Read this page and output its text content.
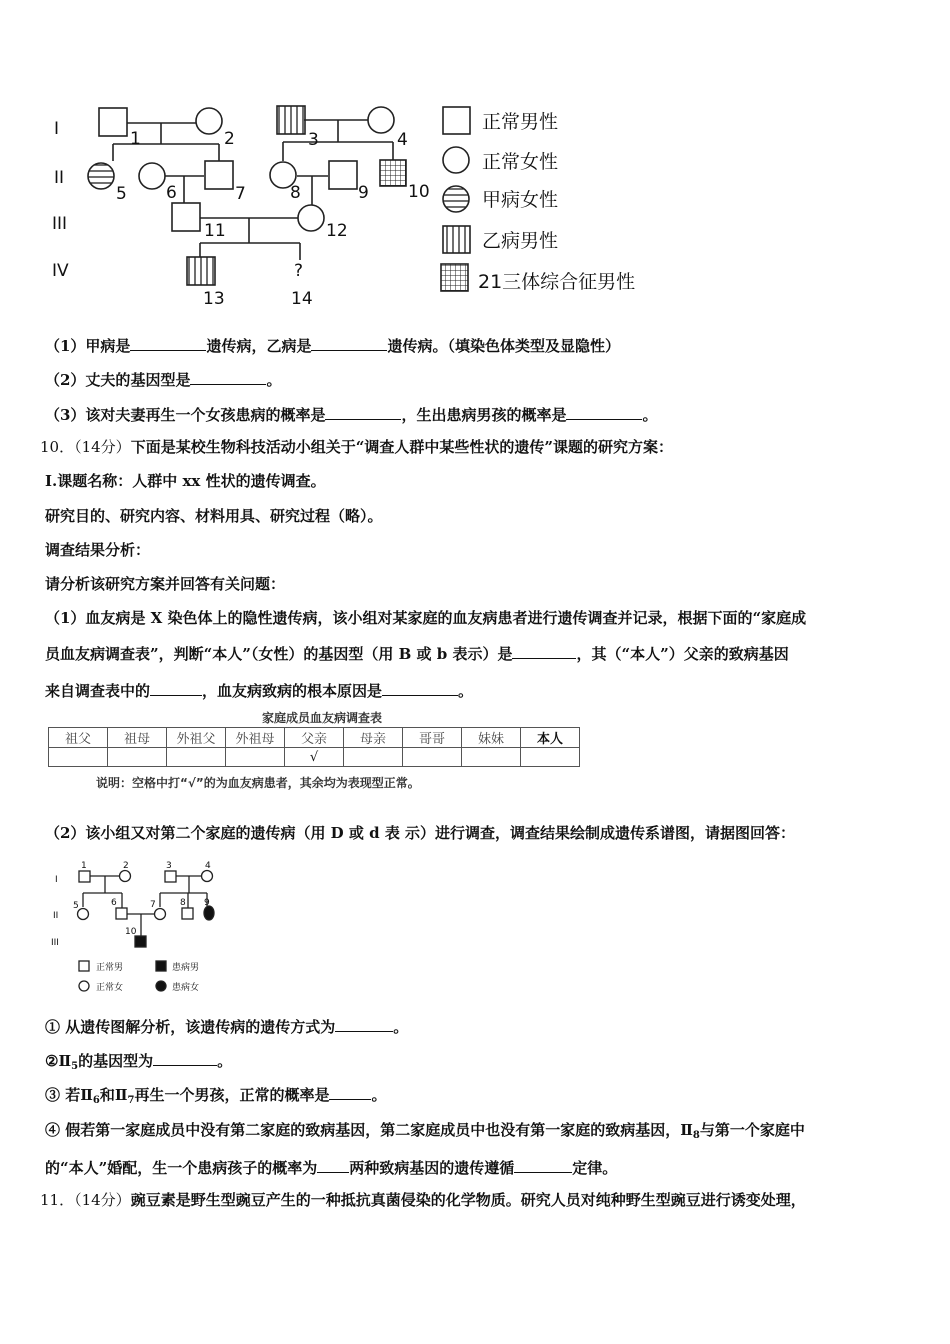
I
II
III
IV
1	2	3	4
5 6	7	8	9 10
11	12
13
?
14
正常男性
正常女性
甲病女性
乙病男性
21三体综合征男性
（1）甲病是	遗传病，乙病是	遗传病。（填染色体类型及显隐性）
（2）丈夫的基因型是	。
（3）该对夫妻再生一个女孩患病的概率是	，生出患病男孩的概率是	。
10．（14分）下面是某校生物科技活动小组关于“调查人群中某些性状的遗传”课题的研究方案：
I.课题名称：人群中 xx 性状的遗传调查。
研究目的、研究内容、材料用具、研究过程（略）。
调查结果分析：
请分析该研究方案并回答有关问题：
（1）血友病是 X 染色体上的隐性遗传病，该小组对某家庭的血友病患者进行遗传调查并记录，根据下面的“家庭成
员血友病调查表”，判断“本人”（女性）的基因型（用 B 或 b 表示）是	，其（“本人”）父亲的致病基因
来自调查表中的	，血友病致病的根本原因是	。
家庭成员血友病调查表
祖父	祖母	外祖父	外祖母	父亲	母亲	哥哥	妹妹	本人
				√				
说明：空格中打“√”的为血友病患者，其余均为表现型正常。
（2）该小组又对第二个家庭的遗传病（用 D 或 d 表 示）进行调查，调查结果绘制成遗传系谱图，请据图回答：
I
II
III
1	2	3	4
5	6	7	8 9
10
正常男	患病男
正常女	患病女
① 从遗传图解分析，该遗传病的遗传方式为	。
$②Ⅱ_5$的基因型为	。
③ 若$Ⅱ_6$和$Ⅱ_7$再生一个男孩，正常的概率是	。
④ 假若第一家庭成员中没有第二家庭的致病基因，第二家庭成员中也没有第一家庭的致病基因，$Ⅱ_8$与第一个家庭中
的“本人”婚配，生一个患病孩子的概率为 两种致病基因的遗传遵循	定律。
11．（14分）豌豆素是野生型豌豆产生的一种抵抗真菌侵染的化学物质。研究人员对纯种野生型豌豆进行诱变处理，
